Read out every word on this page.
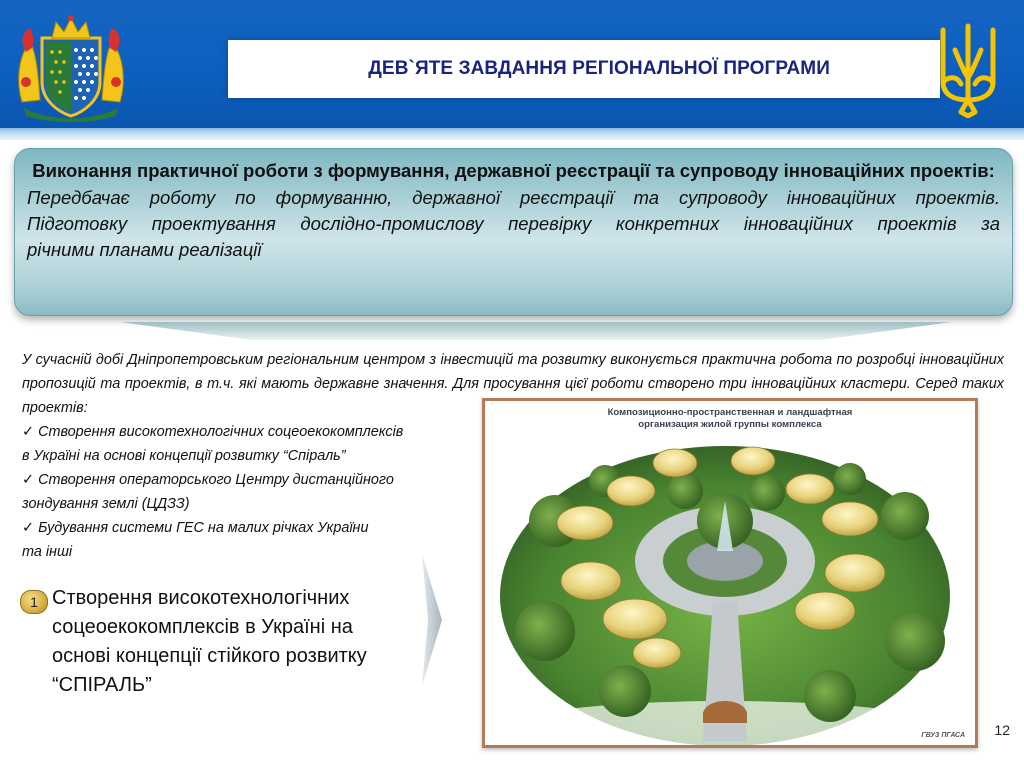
ДЕВ`ЯТЕ ЗАВДАННЯ РЕГІОНАЛЬНОЇ ПРОГРАМИ
Виконання практичної роботи з формування, державної реєстрації та супроводу інноваційних проектів:
Передбачає роботу по формуванню, державної реєстрації та супроводу інноваційних проектів.
Підготовку проектування дослідно-промислову перевірку конкретних інноваційних проектів за
річними планами реалізації
У сучасній добі Дніпропетровським регіональним центром з інвестицій та розвитку виконується практична робота по розробці інноваційних пропозицій та проектів, в т.ч. які мають державне значення. Для просування цієї роботи створено три інноваційних кластери. Серед таких проектів:
✓ Створення високотехнологічних соцеоекокомплексів
в Україні на основі концепції розвитку “Спіраль”
✓ Створення операторського Центру дистанційного
зондування землі (ЦДЗЗ)
✓ Будування системи ГЕС на малих річках України
та інші
1 Створення високотехнологічних
соцеоекокомплексів в Україні на
основі концепції стійкого розвитку
“СПІРАЛЬ”
Композиционно-пространственная и ландшафтная
организация жилой группы комплекса
ГВУЗ ПГАСА	12
